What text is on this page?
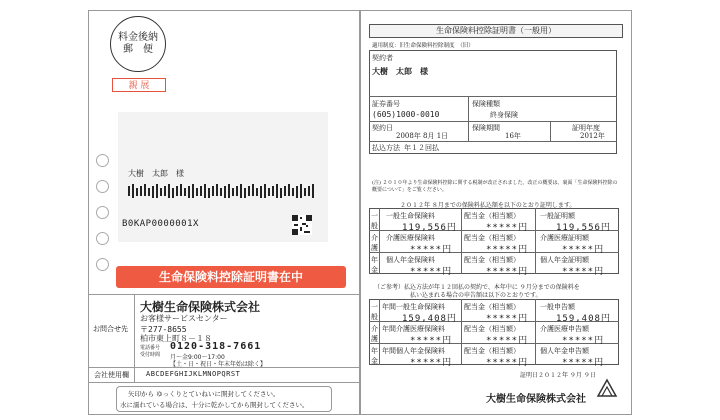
料金後納
郵　便
親 展
大樹　太郎　様
B0KAP0000001X
生命保険料控除証明書在中
お問合せ先
大樹生命保険株式会社
お客様サービスセンター
〒277-8655
柏市東上町８－１８
電話番号
受付時間
0120-318-7661
月～金9:00～17:00
【土・日・祝日・年末年始は除く】
会社使用欄 ABCDEFGHIJKLMNOPQRST
矢印から ゆっくりとていねいに開封してください。
水に濡れている場合は、十分に乾かしてから開封してください。
生命保険料控除証明書（一般用）
適用制度：旧生命保険料控除制度　（旧）
契約者
大樹　太郎　様
証券番号
(605)1000-0010
保険種類
終身保険
契約日
2008年 8月 1日
保険期間
16年
証明年度
2012年
払込方法 年１２回払
(注) ２０１０年より生命保険料控除に関する税制が改正されました。改正の概要は、裏面「生命保険料控除の概要について」をご覧ください。
２０１２年 ８月までの保険料払込額を以下のとおり証明します。
一
般
介
護
年
金
一般生命保険料
119,556円
配当金（相当額）
*****円
一般証明額
119,556円
介護医療保険料
*****円
配当金（相当額）
*****円
介護医療証明額
*****円
個人年金保険料
*****円
配当金（相当額）
*****円
個人年金証明額
*****円
（ご参考）払込方法が年１２回払の契約で、本年中に ９月分までの保険料を
払い込まれる場合の申告額は以下のとおりです。
一
般
介
護
年
金
年間一般生命保険料
159,408円
配当金（相当額）
*****円
一般申告額
159,408円
年間介護医療保険料
*****円
配当金（相当額）
*****円
介護医療申告額
*****円
年間個人年金保険料
*****円
配当金（相当額）
*****円
個人年金申告額
*****円
証明日２０１２年 ９月 ９日
大樹生命保険株式会社
